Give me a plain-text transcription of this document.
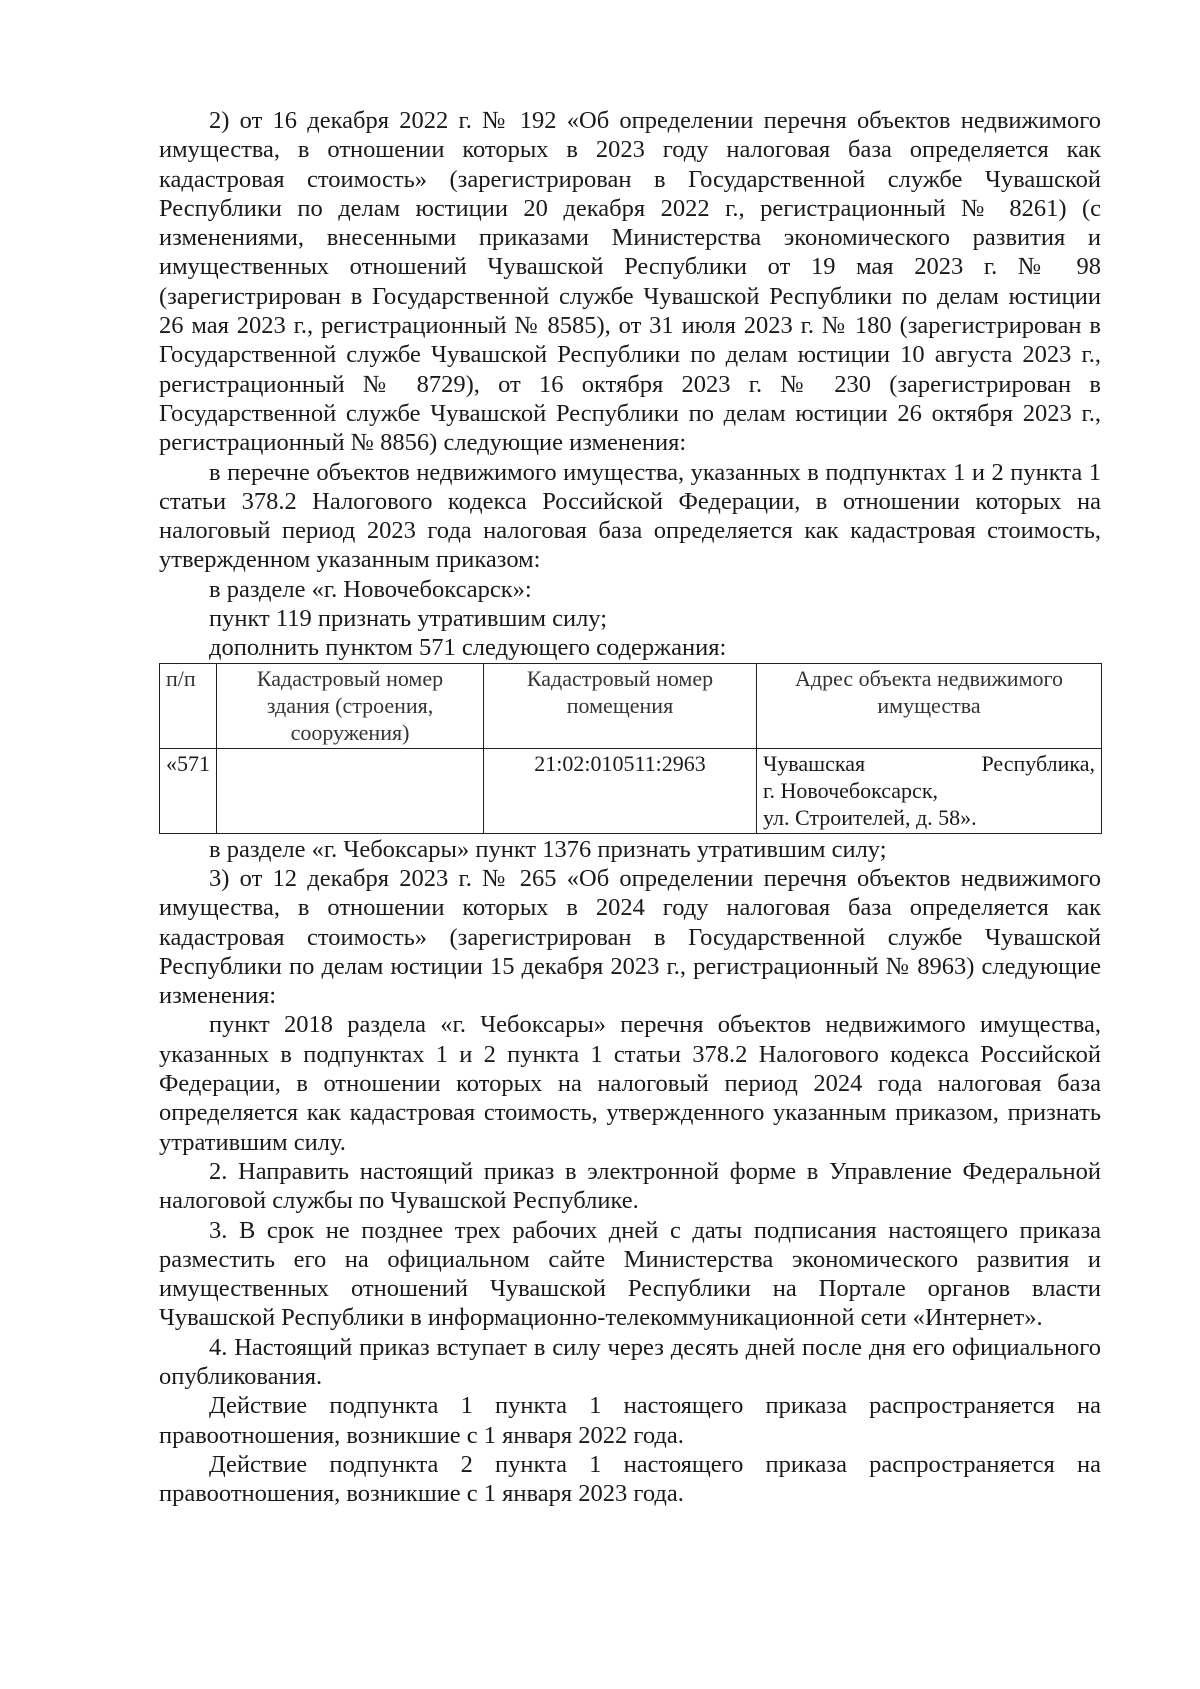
2) от 16 декабря 2022 г. № 192 «Об определении перечня объектов недвижимого имущества, в отношении которых в 2023 году налоговая база определяется как кадастровая стоимость» (зарегистрирован в Государственной службе Чувашской Республики по делам юстиции 20 декабря 2022 г., регистрационный № 8261) (с изменениями, внесенными приказами Министерства экономического развития и имущественных отношений Чувашской Республики от 19 мая 2023 г. № 98 (зарегистрирован в Государственной службе Чувашской Республики по делам юстиции 26 мая 2023 г., регистрационный № 8585), от 31 июля 2023 г. № 180 (зарегистрирован в Государственной службе Чувашской Республики по делам юстиции 10 августа 2023 г., регистрационный № 8729), от 16 октября 2023 г. № 230 (зарегистрирован в Государственной службе Чувашской Республики по делам юстиции 26 октября 2023 г., регистрационный № 8856) следующие изменения:

в перечне объектов недвижимого имущества, указанных в подпунктах 1 и 2 пункта 1 статьи 378.2 Налогового кодекса Российской Федерации, в отношении которых на налоговый период 2023 года налоговая база определяется как кадастровая стоимость, утвержденном указанным приказом:

в разделе «г. Новочебоксарск»:

пункт 119 признать утратившим силу;

дополнить пунктом 571 следующего содержания:

п/п	Кадастровый номер здания (строения, сооружения)	Кадастровый номер помещения	Адрес объекта недвижимого имущества
«571		21:02:010511:2963	Чувашская Республика,
г. Новочебоксарск,
ул. Строителей, д. 58».

в разделе «г. Чебоксары» пункт 1376 признать утратившим силу;

3) от 12 декабря 2023 г. № 265 «Об определении перечня объектов недвижимого имущества, в отношении которых в 2024 году налоговая база определяется как кадастровая стоимость» (зарегистрирован в Государственной службе Чувашской Республики по делам юстиции 15 декабря 2023 г., регистрационный № 8963) следующие изменения:

пункт 2018 раздела «г. Чебоксары» перечня объектов недвижимого имущества, указанных в подпунктах 1 и 2 пункта 1 статьи 378.2 Налогового кодекса Российской Федерации, в отношении которых на налоговый период 2024 года налоговая база определяется как кадастровая стоимость, утвержденного указанным приказом, признать утратившим силу.

2. Направить настоящий приказ в электронной форме в Управление Федеральной налоговой службы по Чувашской Республике.

3. В срок не позднее трех рабочих дней с даты подписания настоящего приказа разместить его на официальном сайте Министерства экономического развития и имущественных отношений Чувашской Республики на Портале органов власти Чувашской Республики в информационно-телекоммуникационной сети «Интернет».

4. Настоящий приказ вступает в силу через десять дней после дня его официального опубликования.

Действие подпункта 1 пункта 1 настоящего приказа распространяется на правоотношения, возникшие с 1 января 2022 года.

Действие подпункта 2 пункта 1 настоящего приказа распространяется на правоотношения, возникшие с 1 января 2023 года.
